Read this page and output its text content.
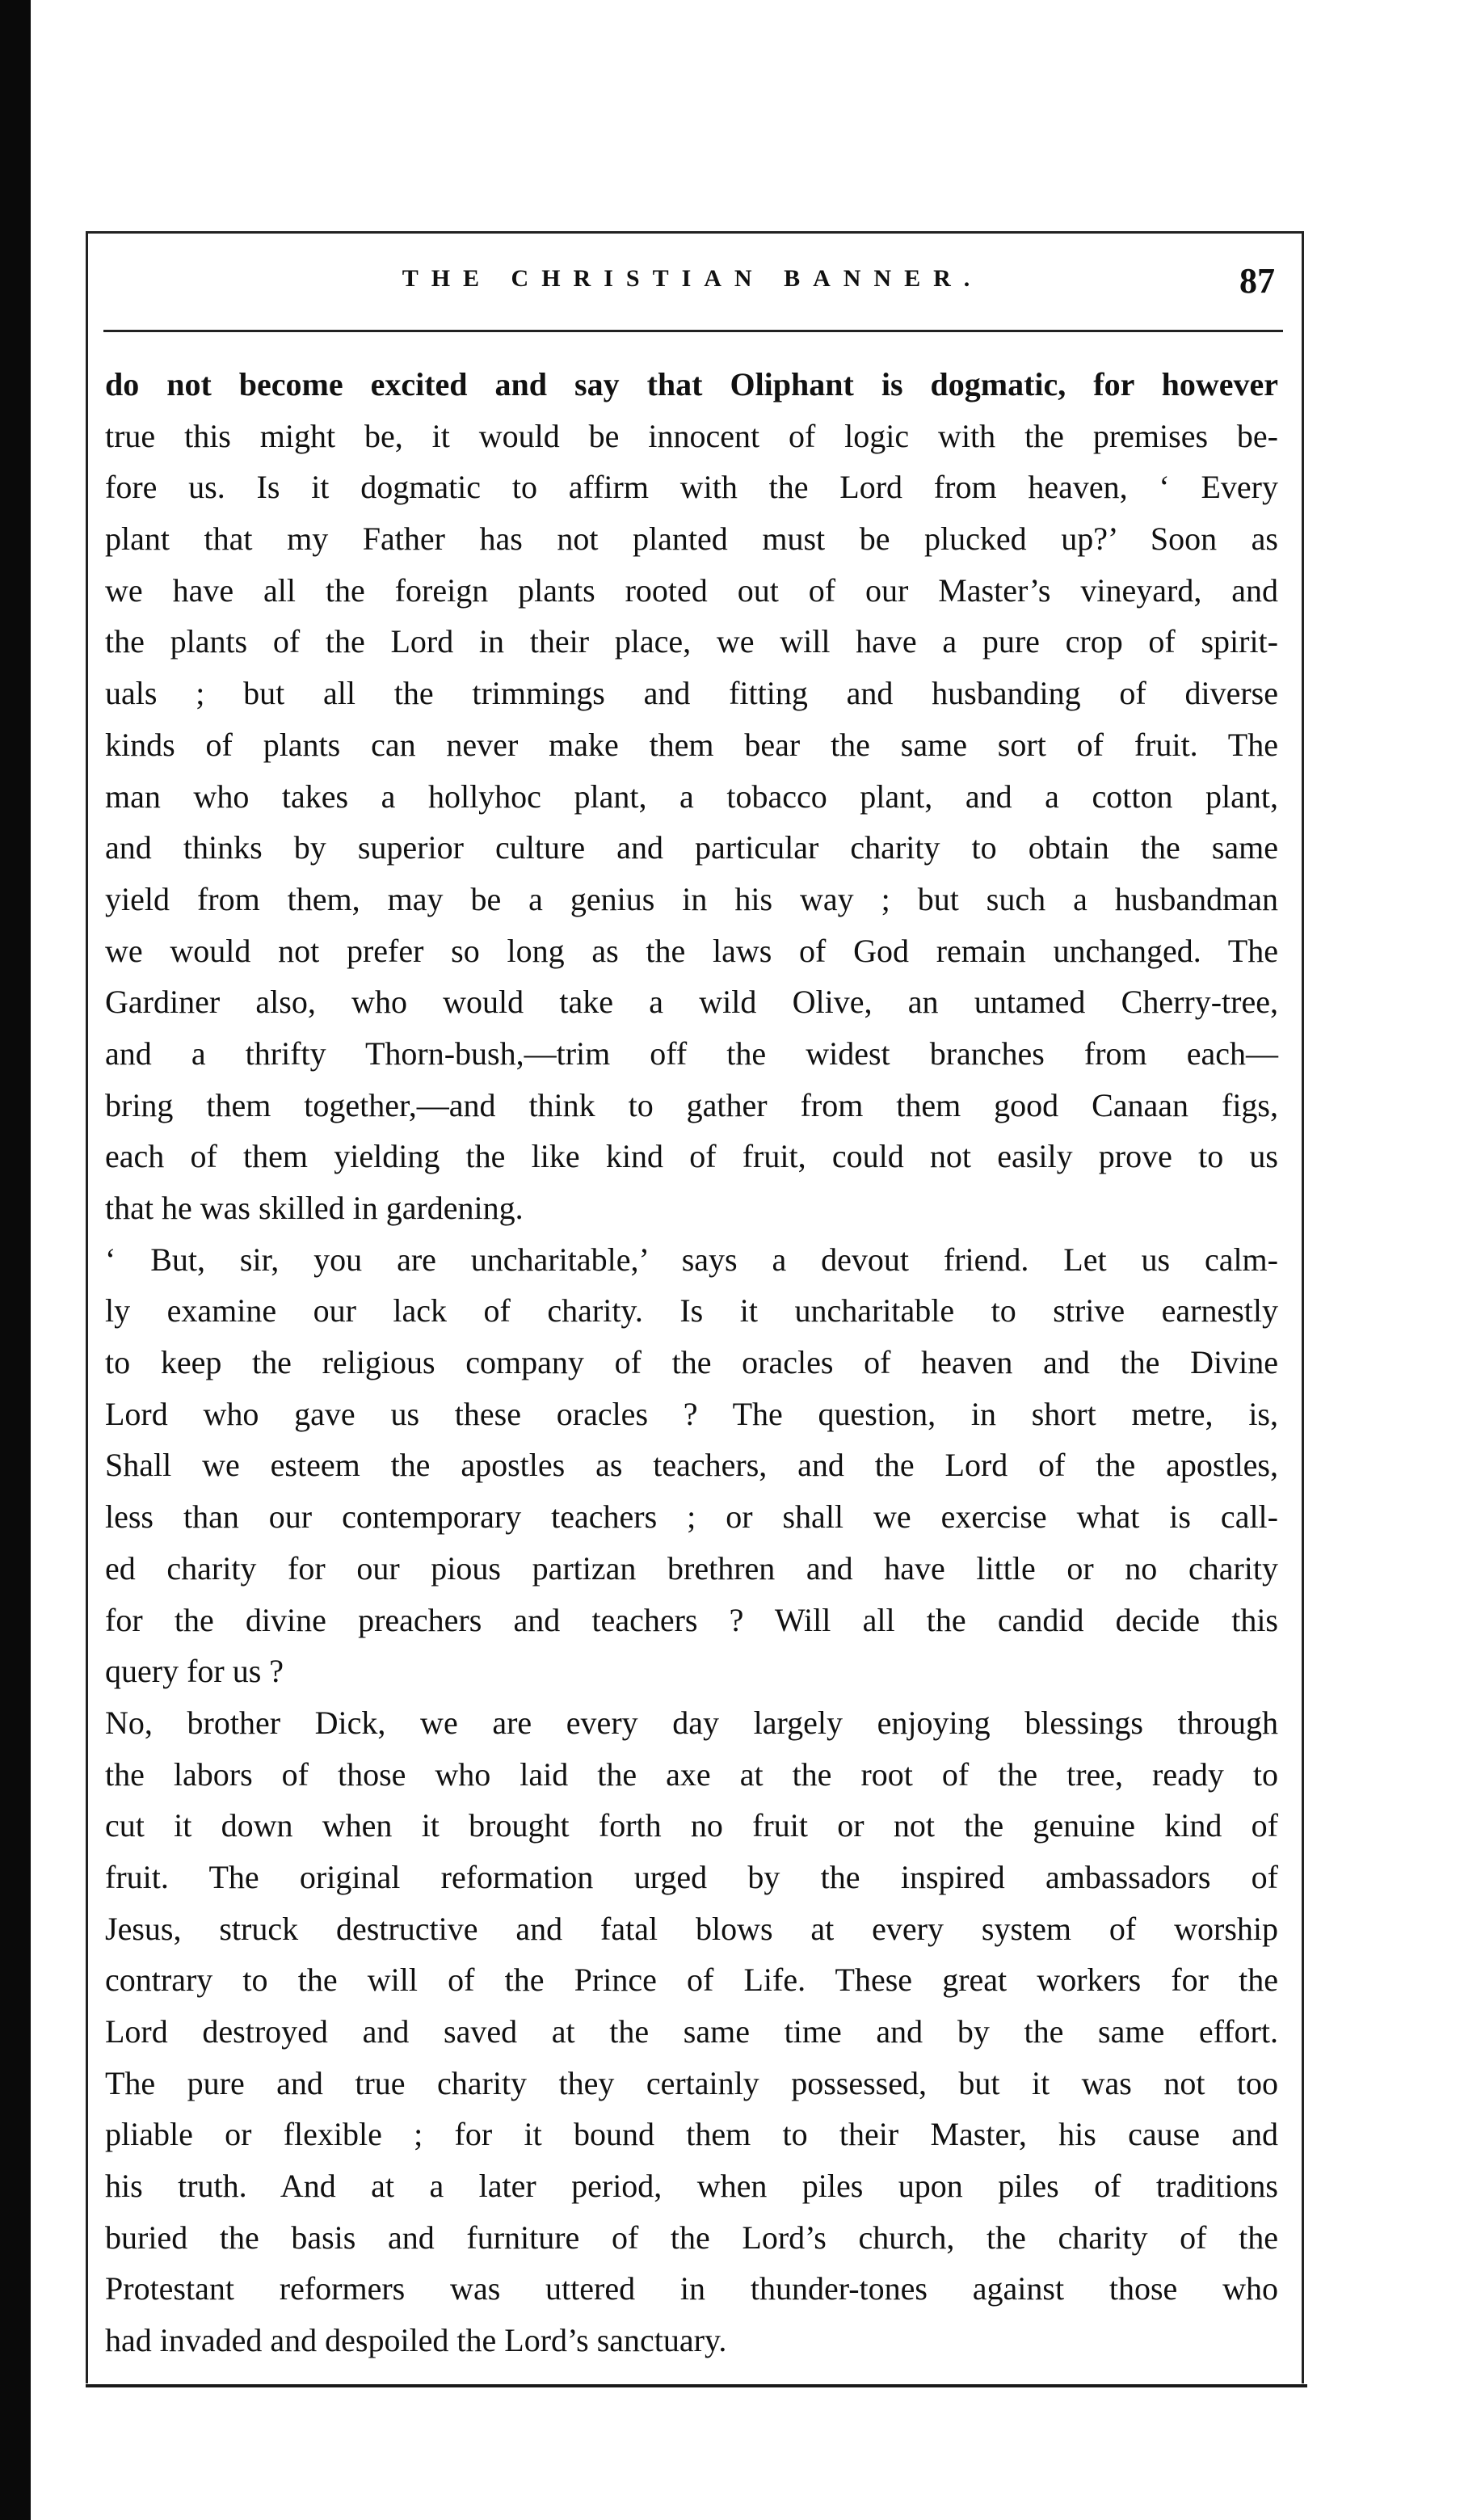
THE CHRISTIAN BANNER.	87
do not become excited and say that Oliphant is dogmatic, for however
true this might be, it would be innocent of logic with the premises be-
fore us. Is it dogmatic to affirm with the Lord from heaven, ‘ Every
plant that my Father has not planted must be plucked up?’ Soon as
we have all the foreign plants rooted out of our Master’s vineyard, and
the plants of the Lord in their place, we will have a pure crop of spirit-
uals ; but all the trimmings and fitting and husbanding of diverse
kinds of plants can never make them bear the same sort of fruit. The
man who takes a hollyhoc plant, a tobacco plant, and a cotton plant,
and thinks by superior culture and particular charity to obtain the same
yield from them, may be a genius in his way ; but such a husbandman
we would not prefer so long as the laws of God remain unchanged. The
Gardiner also, who would take a wild Olive, an untamed Cherry-tree,
and a thrifty Thorn-bush,—trim off the widest branches from each—
bring them together,—and think to gather from them good Canaan figs,
each of them yielding the like kind of fruit, could not easily prove to us
that he was skilled in gardening.
‘ But, sir, you are uncharitable,’ says a devout friend. Let us calm-
ly examine our lack of charity. Is it uncharitable to strive earnestly
to keep the religious company of the oracles of heaven and the Divine
Lord who gave us these oracles ? The question, in short metre, is,
Shall we esteem the apostles as teachers, and the Lord of the apostles,
less than our contemporary teachers ; or shall we exercise what is call-
ed charity for our pious partizan brethren and have little or no charity
for the divine preachers and teachers ? Will all the candid decide this
query for us ?
No, brother Dick, we are every day largely enjoying blessings through
the labors of those who laid the axe at the root of the tree, ready to
cut it down when it brought forth no fruit or not the genuine kind of
fruit. The original reformation urged by the inspired ambassadors of
Jesus, struck destructive and fatal blows at every system of worship
contrary to the will of the Prince of Life. These great workers for the
Lord destroyed and saved at the same time and by the same effort.
The pure and true charity they certainly possessed, but it was not too
pliable or flexible ; for it bound them to their Master, his cause and
his truth. And at a later period, when piles upon piles of traditions
buried the basis and furniture of the Lord’s church, the charity of the
Protestant reformers was uttered in thunder-tones against those who
had invaded and despoiled the Lord’s sanctuary.
